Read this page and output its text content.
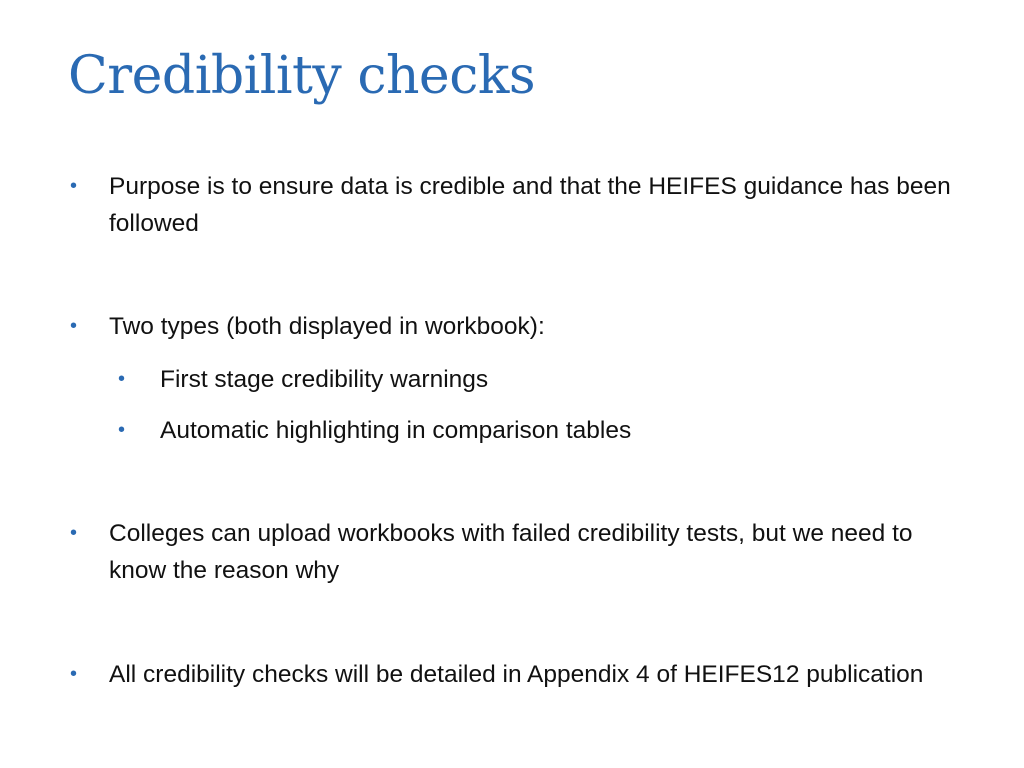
Credibility checks
• Purpose is to ensure data is credible and that the HEIFES guidance has been followed
• Two types (both displayed in workbook):
• First stage credibility warnings
• Automatic highlighting in comparison tables
• Colleges can upload workbooks with failed credibility tests, but we need to know the reason why
• All credibility checks will be detailed in Appendix 4 of HEIFES12 publication
